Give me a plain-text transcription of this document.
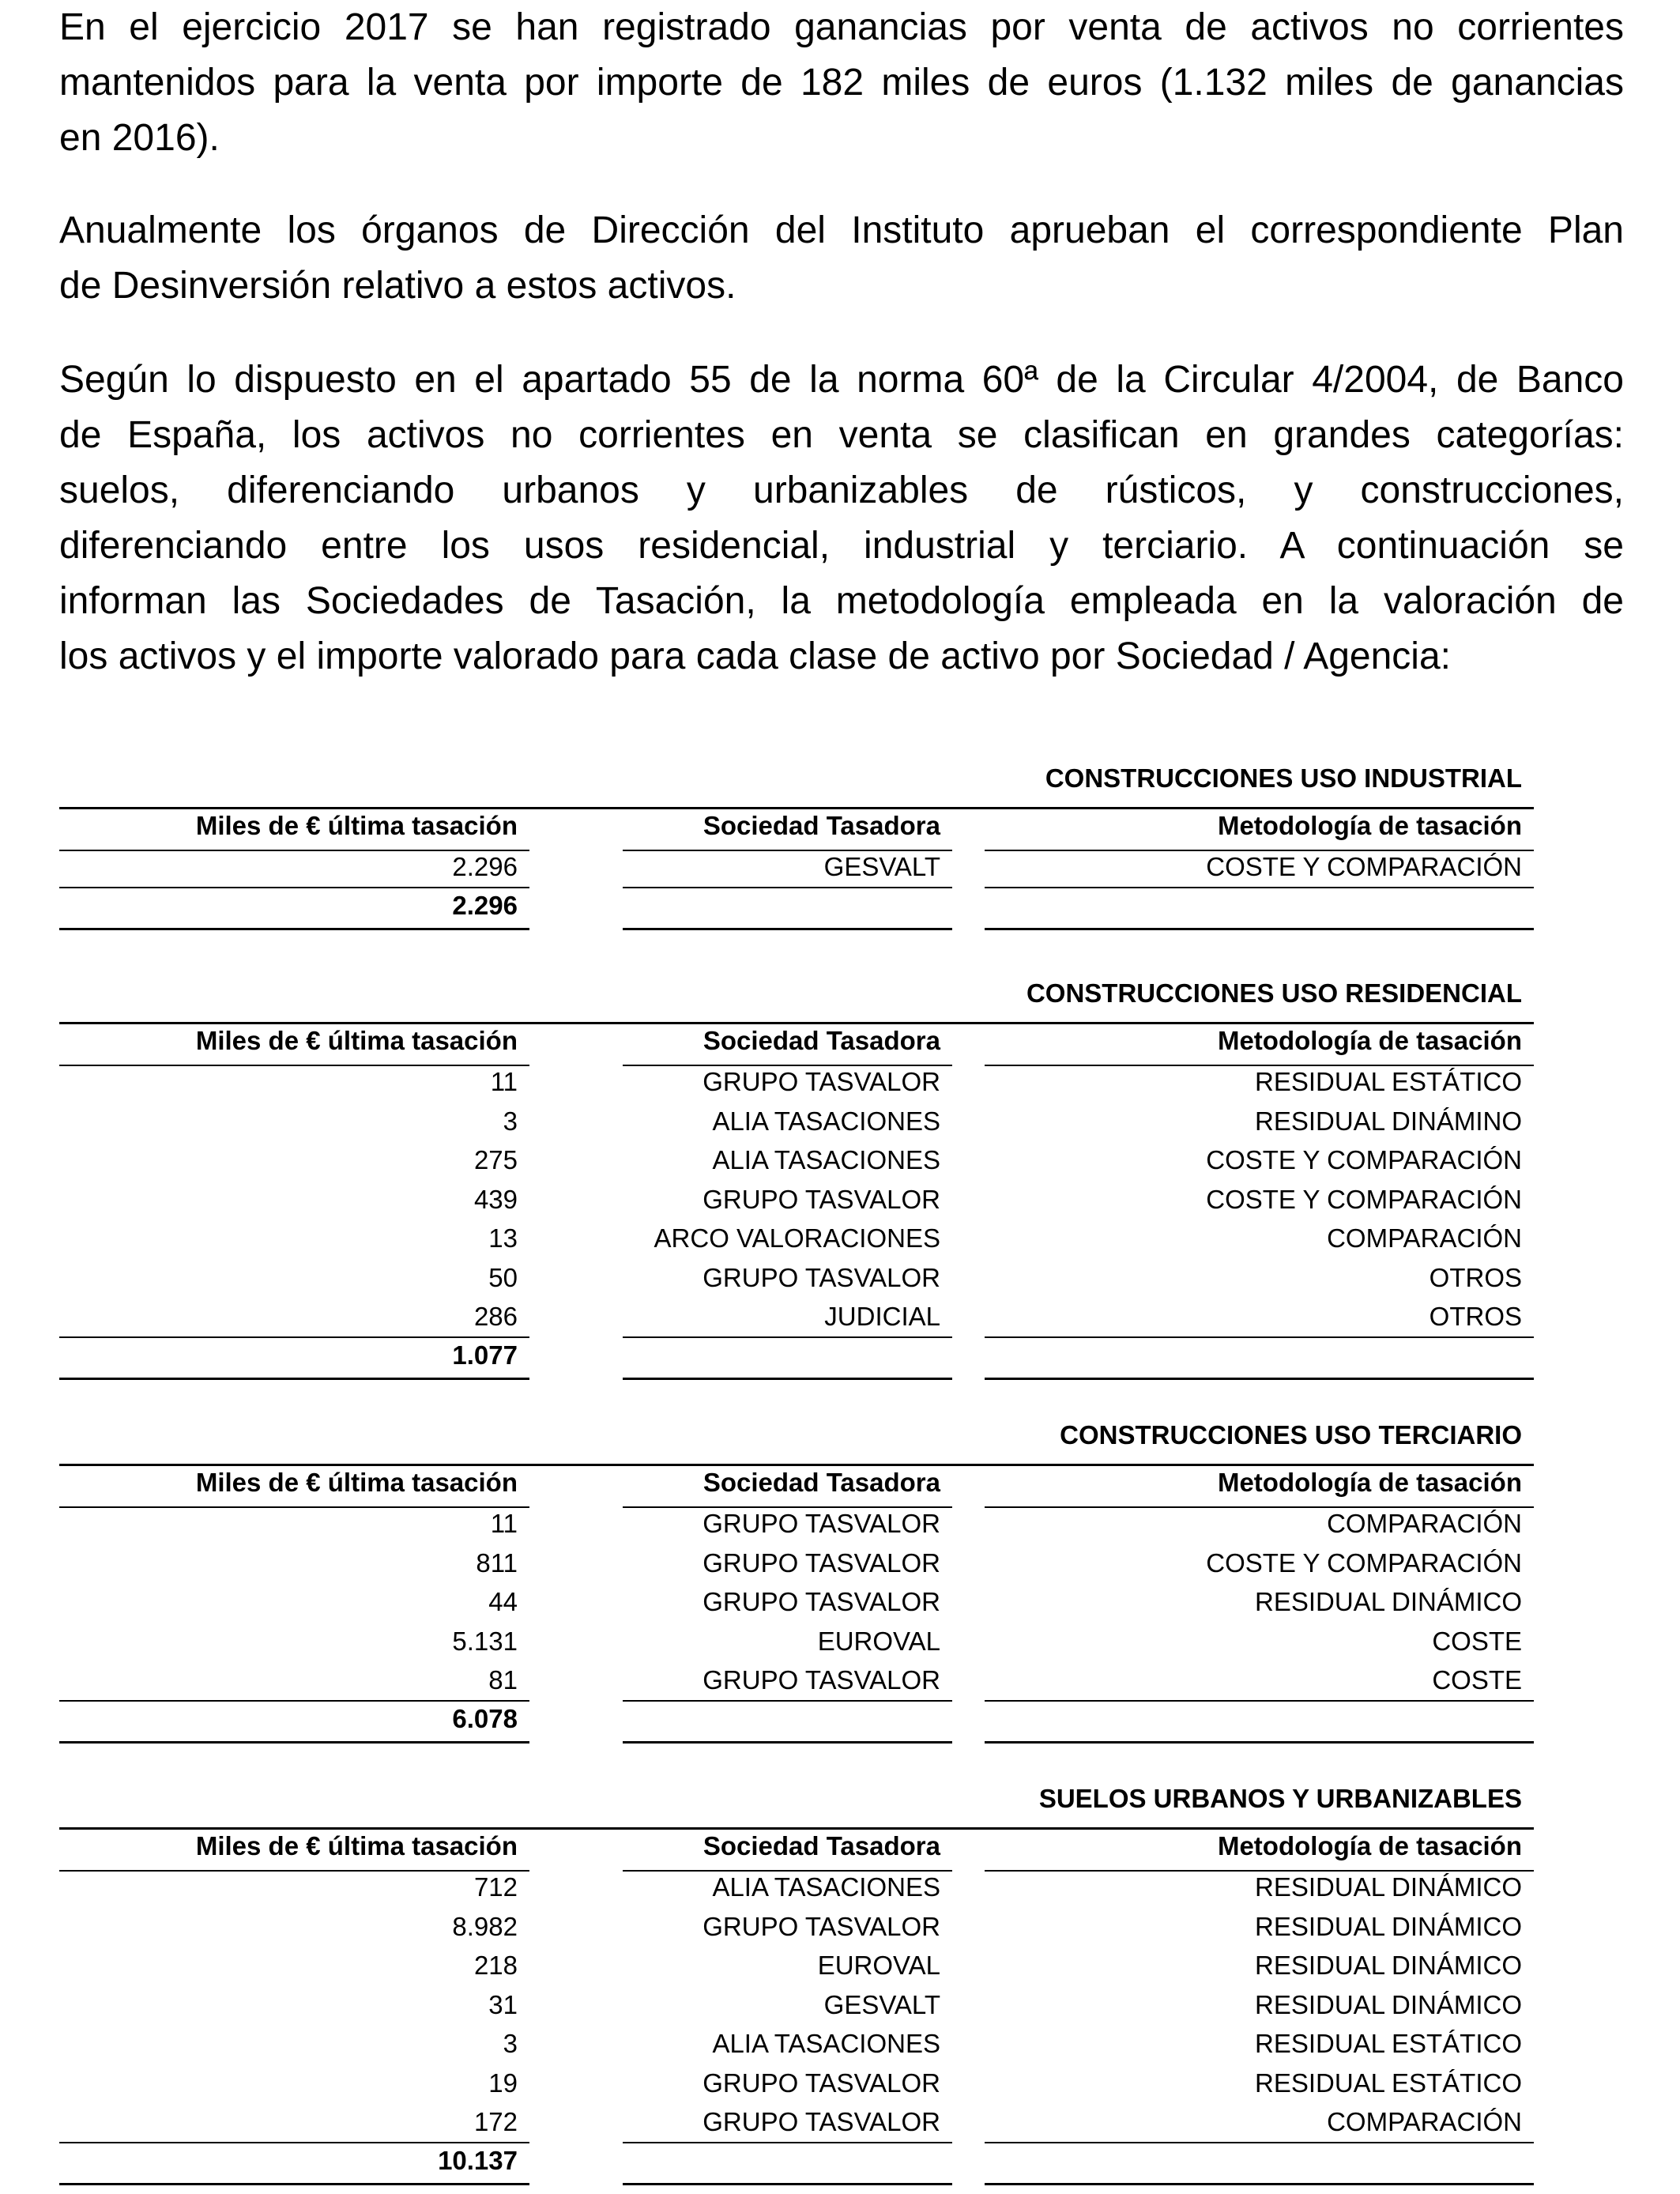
En el ejercicio 2017 se han registrado ganancias por venta de activos no corrientes
mantenidos para la venta por importe de 182 miles de euros (1.132 miles de ganancias
en 2016).
Anualmente los órganos de Dirección del Instituto aprueban el correspondiente Plan
de Desinversión relativo a estos activos.
Según lo dispuesto en el apartado 55 de la norma 60ª de la Circular 4/2004, de Banco
de España, los activos no corrientes en venta se clasifican en grandes categorías:
suelos, diferenciando urbanos y urbanizables de rústicos, y construcciones,
diferenciando entre los usos residencial, industrial y terciario. A continuación se
informan las Sociedades de Tasación, la metodología empleada en la valoración de
los activos y el importe valorado para cada clase de activo por Sociedad / Agencia:
CONSTRUCCIONES USO INDUSTRIAL
Miles de € última tasación	Sociedad Tasadora	Metodología de tasación
2.296	GESVALT	COSTE Y COMPARACIÓN
2.296
CONSTRUCCIONES USO RESIDENCIAL
Miles de € última tasación	Sociedad Tasadora	Metodología de tasación
11	GRUPO TASVALOR	RESIDUAL ESTÁTICO
3	ALIA TASACIONES	RESIDUAL DINÁMINO
275	ALIA TASACIONES	COSTE Y COMPARACIÓN
439	GRUPO TASVALOR	COSTE Y COMPARACIÓN
13	ARCO VALORACIONES	COMPARACIÓN
50	GRUPO TASVALOR	OTROS
286	JUDICIAL	OTROS
1.077
CONSTRUCCIONES USO TERCIARIO
Miles de € última tasación	Sociedad Tasadora	Metodología de tasación
11	GRUPO TASVALOR	COMPARACIÓN
811	GRUPO TASVALOR	COSTE Y COMPARACIÓN
44	GRUPO TASVALOR	RESIDUAL DINÁMICO
5.131	EUROVAL	COSTE
81	GRUPO TASVALOR	COSTE
6.078
SUELOS URBANOS Y URBANIZABLES
Miles de € última tasación	Sociedad Tasadora	Metodología de tasación
712	ALIA TASACIONES	RESIDUAL DINÁMICO
8.982	GRUPO TASVALOR	RESIDUAL DINÁMICO
218	EUROVAL	RESIDUAL DINÁMICO
31	GESVALT	RESIDUAL DINÁMICO
3	ALIA TASACIONES	RESIDUAL ESTÁTICO
19	GRUPO TASVALOR	RESIDUAL ESTÁTICO
172	GRUPO TASVALOR	COMPARACIÓN
10.137
